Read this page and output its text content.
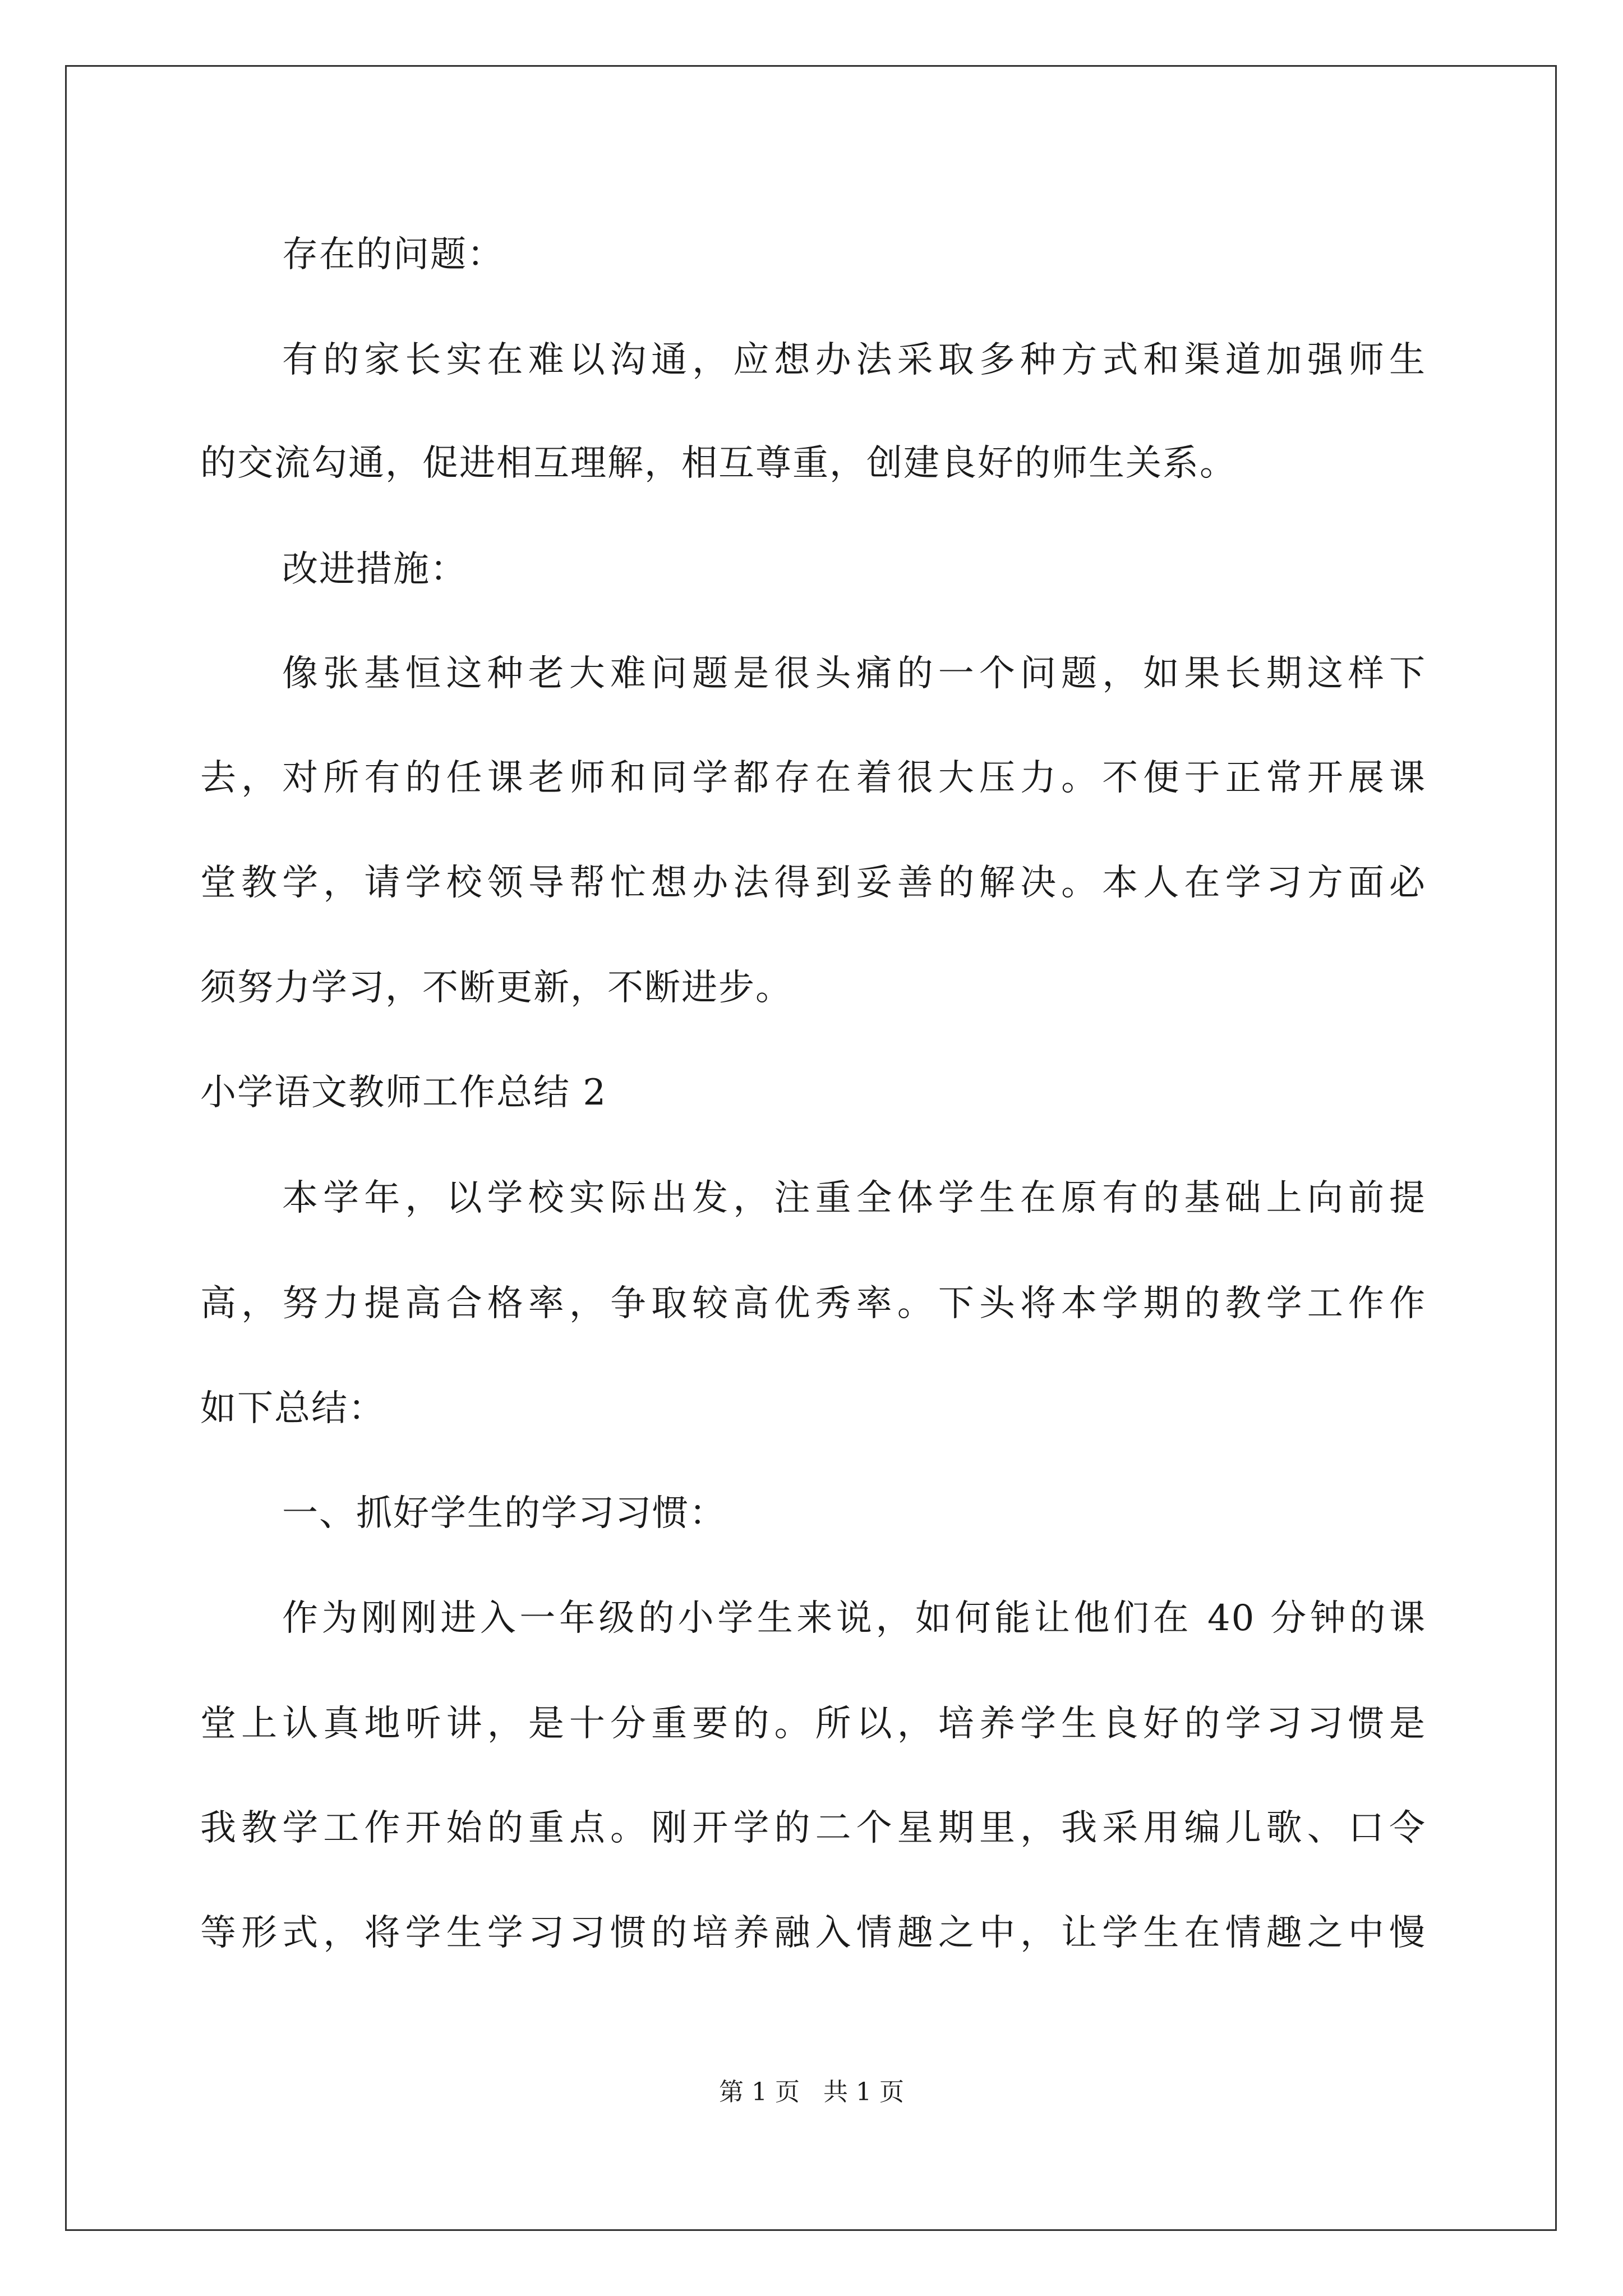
存在的问题：

有的家长实在难以沟通，应想办法采取多种方式和渠道加强师生

的交流勾通，促进相互理解，相互尊重，创建良好的师生关系。

改进措施：

像张基恒这种老大难问题是很头痛的一个问题，如果长期这样下

去，对所有的任课老师和同学都存在着很大压力。不便于正常开展课

堂教学，请学校领导帮忙想办法得到妥善的解决。本人在学习方面必

须努力学习，不断更新，不断进步。

小学语文教师工作总结 2

本学年，以学校实际出发，注重全体学生在原有的基础上向前提

高，努力提高合格率，争取较高优秀率。下头将本学期的教学工作作

如下总结：

一、抓好学生的学习习惯：

作为刚刚进入一年级的小学生来说，如何能让他们在 40 分钟的课

堂上认真地听讲，是十分重要的。所以，培养学生良好的学习习惯是

我教学工作开始的重点。刚开学的二个星期里，我采用编儿歌、口令

等形式，将学生学习习惯的培养融入情趣之中，让学生在情趣之中慢

第 1 页   共 1 页
